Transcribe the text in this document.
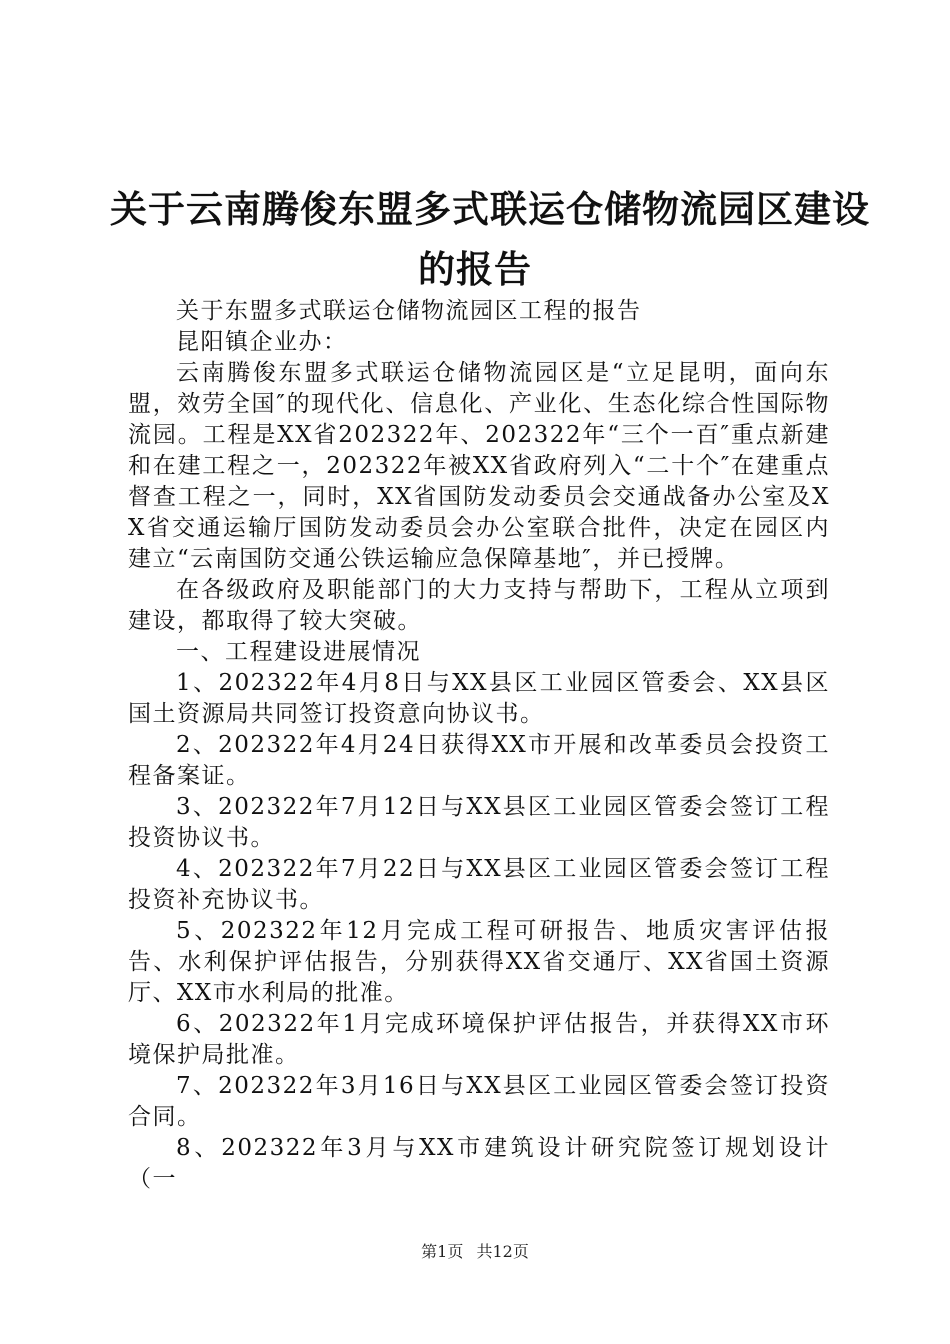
关于云南腾俊东盟多式联运仓储物流园区建设
的报告

关于东盟多式联运仓储物流园区工程的报告

昆阳镇企业办：

云南腾俊东盟多式联运仓储物流园区是“立足昆明，面向东盟，效劳全国″的现代化、信息化、产业化、生态化综合性国际物流园。工程是XX省202322年、202322年“三个一百″重点新建和在建工程之一，202322年被XX省政府列入“二十个″在建重点督查工程之一，同时，XX省国防发动委员会交通战备办公室及XX省交通运输厅国防发动委员会办公室联合批件，决定在园区内建立“云南国防交通公铁运输应急保障基地″，并已授牌。

在各级政府及职能部门的大力支持与帮助下，工程从立项到建设，都取得了较大突破。

一、工程建设进展情况

1、202322年4月8日与XX县区工业园区管委会、XX县区国土资源局共同签订投资意向协议书。

2、202322年4月24日获得XX市开展和改革委员会投资工程备案证。

3、202322年7月12日与XX县区工业园区管委会签订工程投资协议书。

4、202322年7月22日与XX县区工业园区管委会签订工程投资补充协议书。

5、202322年12月完成工程可研报告、地质灾害评估报告、水利保护评估报告，分别获得XX省交通厅、XX省国土资源厅、XX市水利局的批准。

6、202322年1月完成环境保护评估报告，并获得XX市环境保护局批准。

7、202322年3月16日与XX县区工业园区管委会签订投资合同。

8、202322年3月与XX市建筑设计研究院签订规划设计（一

第1页 共12页
